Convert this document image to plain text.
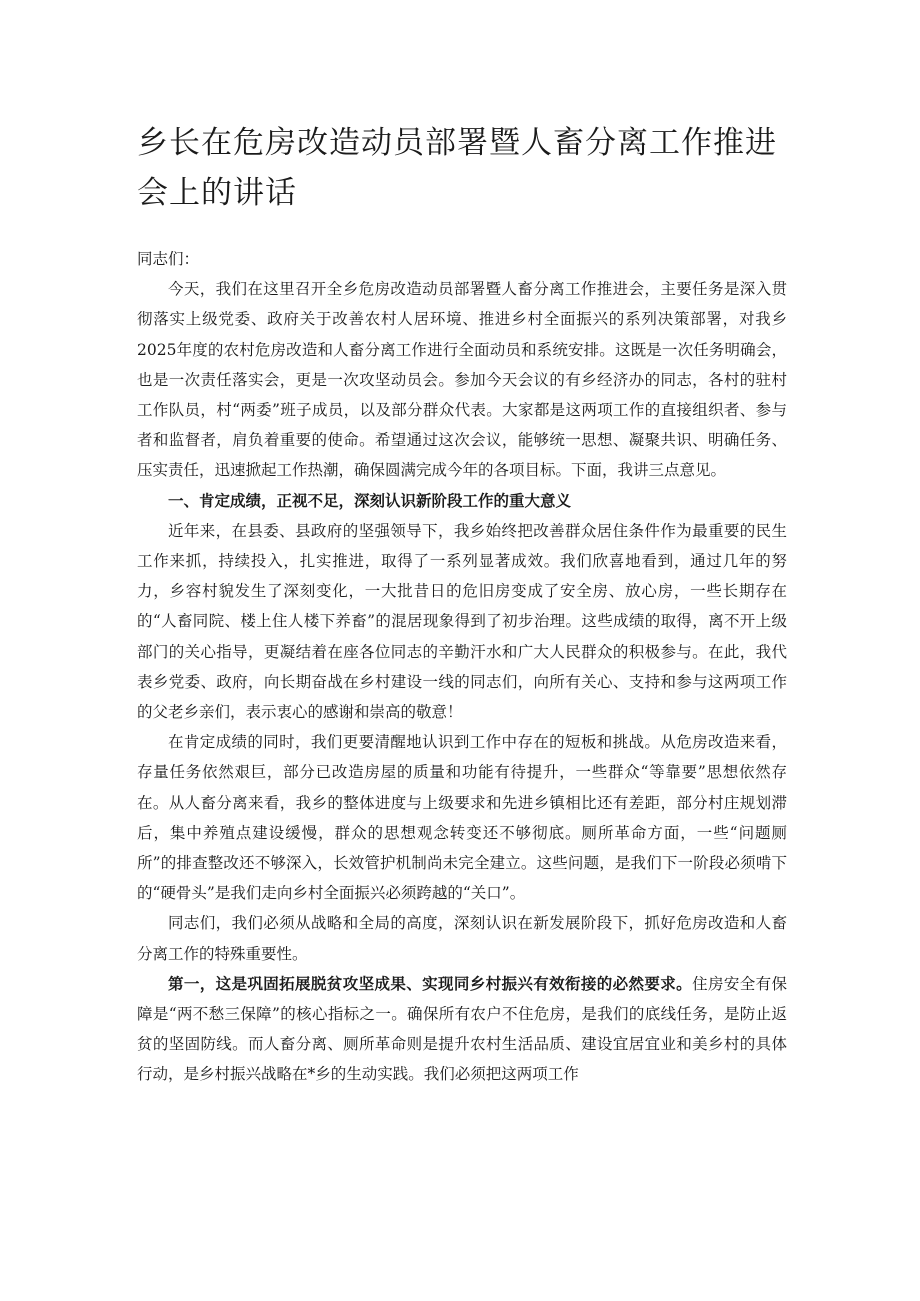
乡长在危房改造动员部署暨人畜分离工作推进会上的讲话

同志们：

今天，我们在这里召开全乡危房改造动员部署暨人畜分离工作推进会，主要任务是深入贯彻落实上级党委、政府关于改善农村人居环境、推进乡村全面振兴的系列决策部署，对我乡2025年度的农村危房改造和人畜分离工作进行全面动员和系统安排。这既是一次任务明确会，也是一次责任落实会，更是一次攻坚动员会。参加今天会议的有乡经济办的同志，各村的驻村工作队员，村“两委”班子成员，以及部分群众代表。大家都是这两项工作的直接组织者、参与者和监督者，肩负着重要的使命。希望通过这次会议，能够统一思想、凝聚共识、明确任务、压实责任，迅速掀起工作热潮，确保圆满完成今年的各项目标。下面，我讲三点意见。

一、肯定成绩，正视不足，深刻认识新阶段工作的重大意义

近年来，在县委、县政府的坚强领导下，我乡始终把改善群众居住条件作为最重要的民生工作来抓，持续投入，扎实推进，取得了一系列显著成效。我们欣喜地看到，通过几年的努力，乡容村貌发生了深刻变化，一大批昔日的危旧房变成了安全房、放心房，一些长期存在的“人畜同院、楼上住人楼下养畜”的混居现象得到了初步治理。这些成绩的取得，离不开上级部门的关心指导，更凝结着在座各位同志的辛勤汗水和广大人民群众的积极参与。在此，我代表乡党委、政府，向长期奋战在乡村建设一线的同志们，向所有关心、支持和参与这两项工作的父老乡亲们，表示衷心的感谢和崇高的敬意！

在肯定成绩的同时，我们更要清醒地认识到工作中存在的短板和挑战。从危房改造来看，存量任务依然艰巨，部分已改造房屋的质量和功能有待提升，一些群众“等靠要”思想依然存在。从人畜分离来看，我乡的整体进度与上级要求和先进乡镇相比还有差距，部分村庄规划滞后，集中养殖点建设缓慢，群众的思想观念转变还不够彻底。厕所革命方面，一些“问题厕所”的排查整改还不够深入，长效管护机制尚未完全建立。这些问题，是我们下一阶段必须啃下的“硬骨头”是我们走向乡村全面振兴必须跨越的“关口”。

同志们，我们必须从战略和全局的高度，深刻认识在新发展阶段下，抓好危房改造和人畜分离工作的特殊重要性。

第一，这是巩固拓展脱贫攻坚成果、实现同乡村振兴有效衔接的必然要求。住房安全有保障是“两不愁三保障”的核心指标之一。确保所有农户不住危房，是我们的底线任务，是防止返贫的坚固防线。而人畜分离、厕所革命则是提升农村生活品质、建设宜居宜业和美乡村的具体行动，是乡村振兴战略在*乡的生动实践。我们必须把这两项工作
